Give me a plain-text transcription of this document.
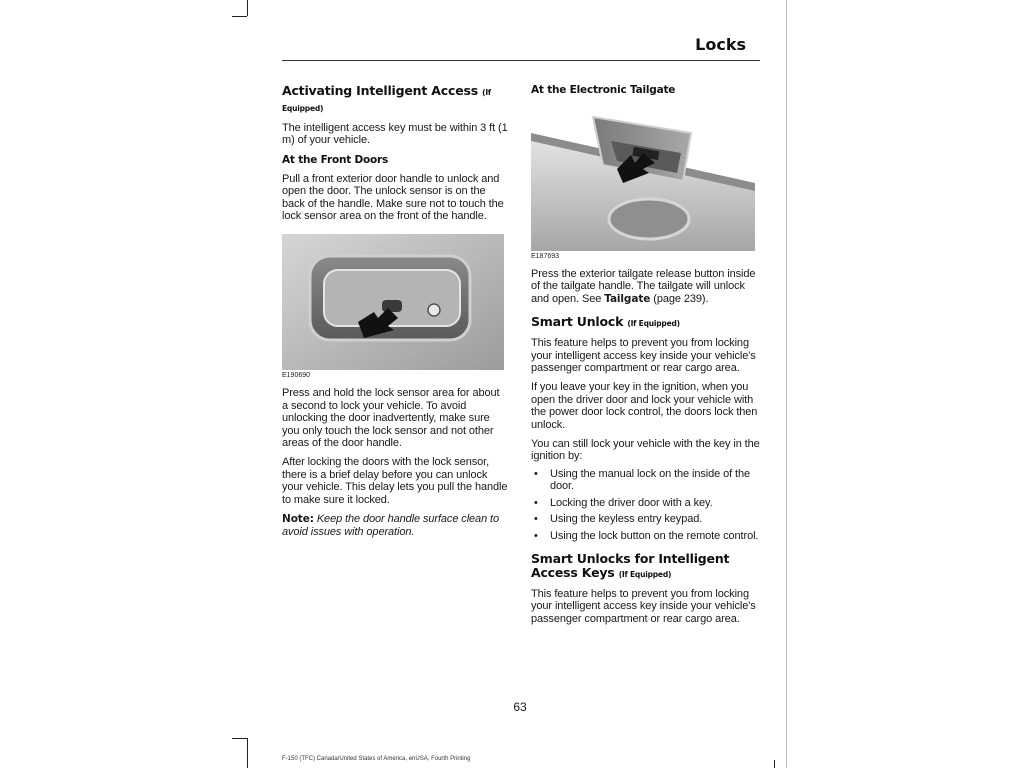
Locks
Activating Intelligent Access (If Equipped)

The intelligent access key must be within 3 ft (1 m) of your vehicle.

At the Front Doors

Pull a front exterior door handle to unlock and open the door. The unlock sensor is on the back of the handle. Make sure not to touch the lock sensor area on the front of the handle.

E190690

Press and hold the lock sensor area for about a second to lock your vehicle. To avoid unlocking the door inadvertently, make sure you only touch the lock sensor and not other areas of the door handle.

After locking the doors with the lock sensor, there is a brief delay before you can unlock your vehicle. This delay lets you pull the handle to make sure it locked.

Note: Keep the door handle surface clean to avoid issues with operation.

At the Electronic Tailgate
E187693

Press the exterior tailgate release button inside of the tailgate handle. The tailgate will unlock and open. See Tailgate (page 239).

Smart Unlock (If Equipped)

This feature helps to prevent you from locking your intelligent access key inside your vehicle's passenger compartment or rear cargo area.

If you leave your key in the ignition, when you open the driver door and lock your vehicle with the power door lock control, the doors lock then unlock.

You can still lock your vehicle with the key in the ignition by:

• Using the manual lock on the inside of the door.
• Locking the driver door with a key.
• Using the keyless entry keypad.
• Using the lock button on the remote control.
Smart Unlocks for Intelligent Access Keys (If Equipped)

This feature helps to prevent you from locking your intelligent access key inside your vehicle's passenger compartment or rear cargo area.

63
F-150 (TFC) Canada/United States of America, enUSA, Fourth Printing
